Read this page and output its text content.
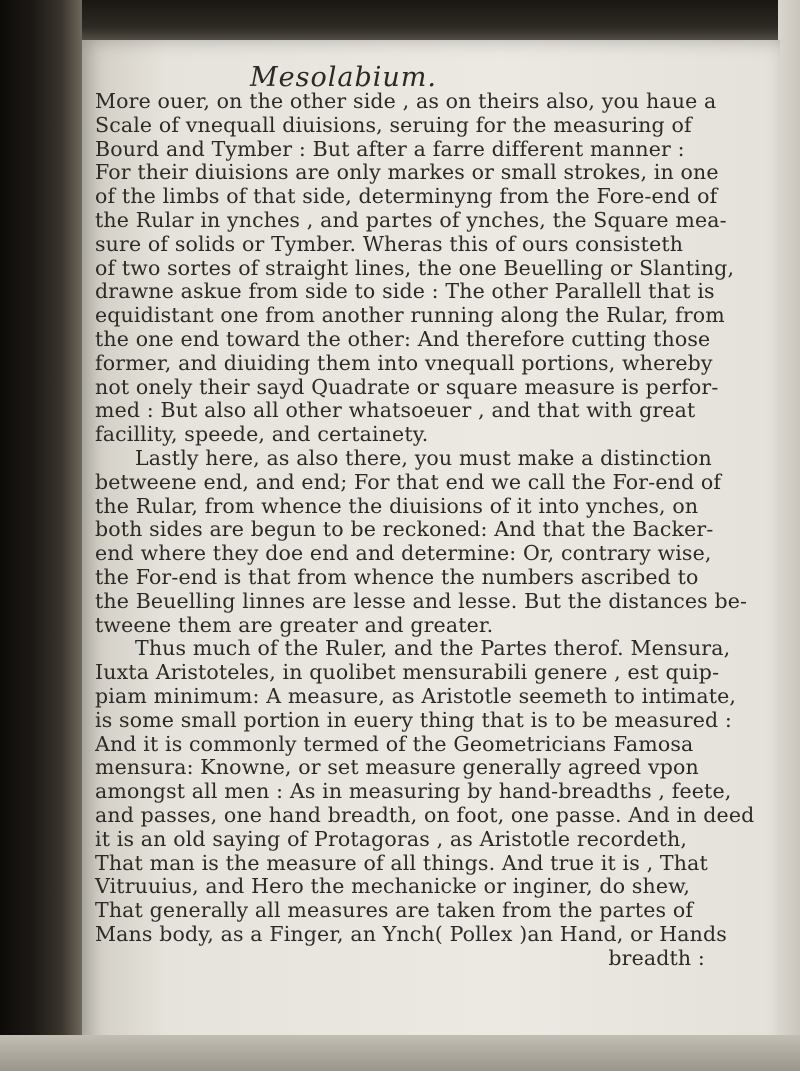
Mesolabium.
More ouer, on the other side , as on theirs also, you haue a
Scale of vnequall diuisions, seruing for the measuring of
Bourd and Tymber : But after a farre different manner :
For their diuisions are only markes or small strokes, in one
of the limbs of that side, determinyng from the Fore-end of
the Rular in ynches , and partes of ynches, the Square mea-
sure of solids or Tymber. Wheras this of ours consisteth
of two sortes of straight lines, the one Beuelling or Slanting,
drawne askue from side to side : The other Parallell that is
equidistant one from another running along the Rular, from
the one end toward the other: And therefore cutting those
former, and diuiding them into vnequall portions, whereby
not onely their sayd Quadrate or square measure is perfor-
med : But also all other whatsoeuer , and that with great
facillity, speede, and certainety.
Lastly here, as also there, you must make a distinction
betweene end, and end; For that end we call the For-end of
the Rular, from whence the diuisions of it into ynches, on
both sides are begun to be reckoned: And that the Backer-
end where they doe end and determine: Or, contrary wise,
the For-end is that from whence the numbers ascribed to
the Beuelling linnes are lesse and lesse. But the distances be-
tweene them are greater and greater.
Thus much of the Ruler, and the Partes therof. Mensura,
Iuxta Aristoteles, in quolibet mensurabili genere , est quip-
piam minimum: A measure, as Aristotle seemeth to intimate,
is some small portion in euery thing that is to be measured :
And it is commonly termed of the Geometricians Famosa
mensura: Knowne, or set measure generally agreed vpon
amongst all men : As in measuring by hand-breadths , feete,
and passes, one hand breadth, on foot, one passe. And in deed
it is an old saying of Protagoras , as Aristotle recordeth,
That man is the measure of all things. And true it is , That
Vitruuius, and Hero the mechanicke or inginer, do shew,
That generally all measures are taken from the partes of
Mans body, as a Finger, an Ynch( Pollex )an Hand, or Hands
breadth :
